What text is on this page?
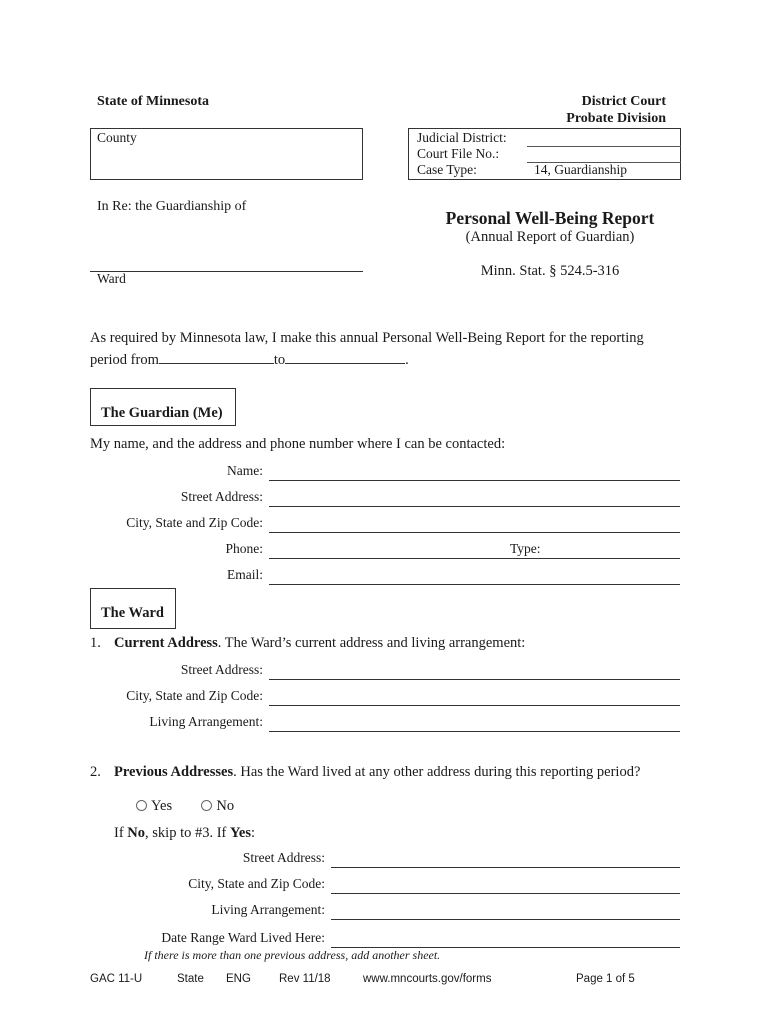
State of Minnesota	District Court
Probate Division
County	Judicial District:
Court File No.:
Case Type:	14, Guardianship
In Re: the Guardianship of
Ward
Personal Well-Being Report
(Annual Report of Guardian)
Minn. Stat. § 524.5-316
As required by Minnesota law, I make this annual Personal Well-Being Report for the reporting
period from	to	.
The Guardian (Me)
My name, and the address and phone number where I can be contacted:
Name:
Street Address:
City, State and Zip Code:
Phone:	Type:
Email:
The Ward
1. Current Address. The Ward’s current address and living arrangement:
Street Address:
City, State and Zip Code:
Living Arrangement:
2. Previous Addresses. Has the Ward lived at any other address during this reporting period?
Yes	No
If No, skip to #3. If Yes:
Street Address:
City, State and Zip Code:
Living Arrangement:
Date Range Ward Lived Here:
If there is more than one previous address, add another sheet.
GAC 11-U	State ENG Rev 11/18	www.mncourts.gov/forms	Page 1 of 5
